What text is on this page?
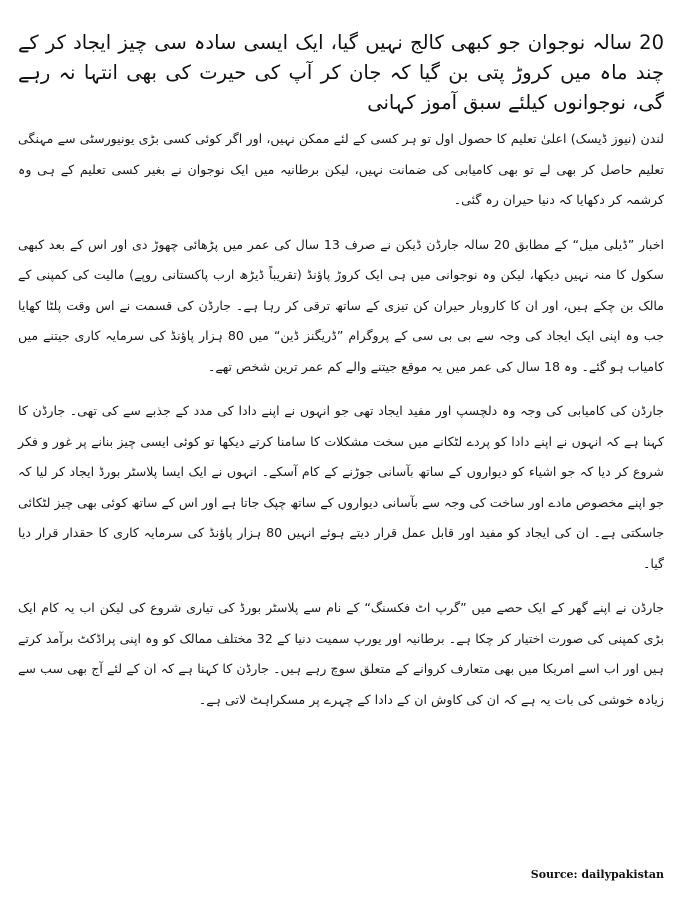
20 سالہ نوجوان جو کبھی کالج نہیں گیا، ایک ایسی سادہ سی چیز ایجاد کر کے چند ماہ میں کروڑ پتی بن گیا کہ جان کر آپ کی حیرت کی بھی انتہا نہ رہے گی، نوجوانوں کیلئے سبق آموز کہانی

لندن (نیوز ڈیسک) اعلیٰ تعلیم کا حصول اول تو ہر کسی کے لئے ممکن نہیں، اور اگر کوئی کسی بڑی یونیورسٹی سے مہنگی تعلیم حاصل کر بھی لے تو بھی کامیابی کی ضمانت نہیں، لیکن برطانیہ میں ایک نوجوان نے بغیر کسی تعلیم کے ہی وہ کرشمہ کر دکھایا کہ دنیا حیران رہ گئی۔

اخبار ”ڈیلی میل“ کے مطابق 20 سالہ جارڈن ڈیکن نے صرف 13 سال کی عمر میں پڑھائی چھوڑ دی اور اس کے بعد کبھی سکول کا منہ نہیں دیکھا، لیکن وہ نوجوانی میں ہی ایک کروڑ پاؤنڈ (تقریباً ڈیڑھ ارب پاکستانی روپے) مالیت کی کمپنی کے مالک بن چکے ہیں، اور ان کا کاروبار حیران کن تیزی کے ساتھ ترقی کر رہا ہے۔ جارڈن کی قسمت نے اس وقت پلٹا کھایا جب وہ اپنی ایک ایجاد کی وجہ سے بی بی سی کے پروگرام ”ڈریگنز ڈین“ میں 80 ہزار پاؤنڈ کی سرمایہ کاری جیتنے میں کامیاب ہو گئے۔ وہ 18 سال کی عمر میں یہ موقع جیتنے والے کم عمر ترین شخص تھے۔

جارڈن کی کامیابی کی وجہ وہ دلچسپ اور مفید ایجاد تھی جو انہوں نے اپنے دادا کی مدد کے جذبے سے کی تھی۔ جارڈن کا کہنا ہے کہ انہوں نے اپنے دادا کو پردے لٹکانے میں سخت مشکلات کا سامنا کرتے دیکھا تو کوئی ایسی چیز بنانے پر غور و فکر شروع کر دیا کہ جو اشیاء کو دیواروں کے ساتھ بآسانی جوڑنے کے کام آسکے۔ انہوں نے ایک ایسا پلاسٹر بورڈ ایجاد کر لیا کہ جو اپنے مخصوص مادے اور ساخت کی وجہ سے بآسانی دیواروں کے ساتھ چپک جاتا ہے اور اس کے ساتھ کوئی بھی چیز لٹکائی جاسکتی ہے۔ ان کی ایجاد کو مفید اور قابل عمل قرار دیتے ہوئے انہیں 80 ہزار پاؤنڈ کی سرمایہ کاری کا حقدار قرار دیا گیا۔

جارڈن نے اپنے گھر کے ایک حصے میں ”گرپ اٹ فکسنگ“ کے نام سے پلاسٹر بورڈ کی تیاری شروع کی لیکن اب یہ کام ایک بڑی کمپنی کی صورت اختیار کر چکا ہے۔ برطانیہ اور یورپ سمیت دنیا کے 32 مختلف ممالک کو وہ اپنی پراڈکٹ برآمد کرتے ہیں اور اب اسے امریکا میں بھی متعارف کروانے کے متعلق سوچ رہے ہیں۔ جارڈن کا کہنا ہے کہ ان کے لئے آج بھی سب سے زیادہ خوشی کی بات یہ ہے کہ ان کی کاوش ان کے دادا کے چہرے پر مسکراہٹ لاتی ہے۔

Source: dailypakistan
